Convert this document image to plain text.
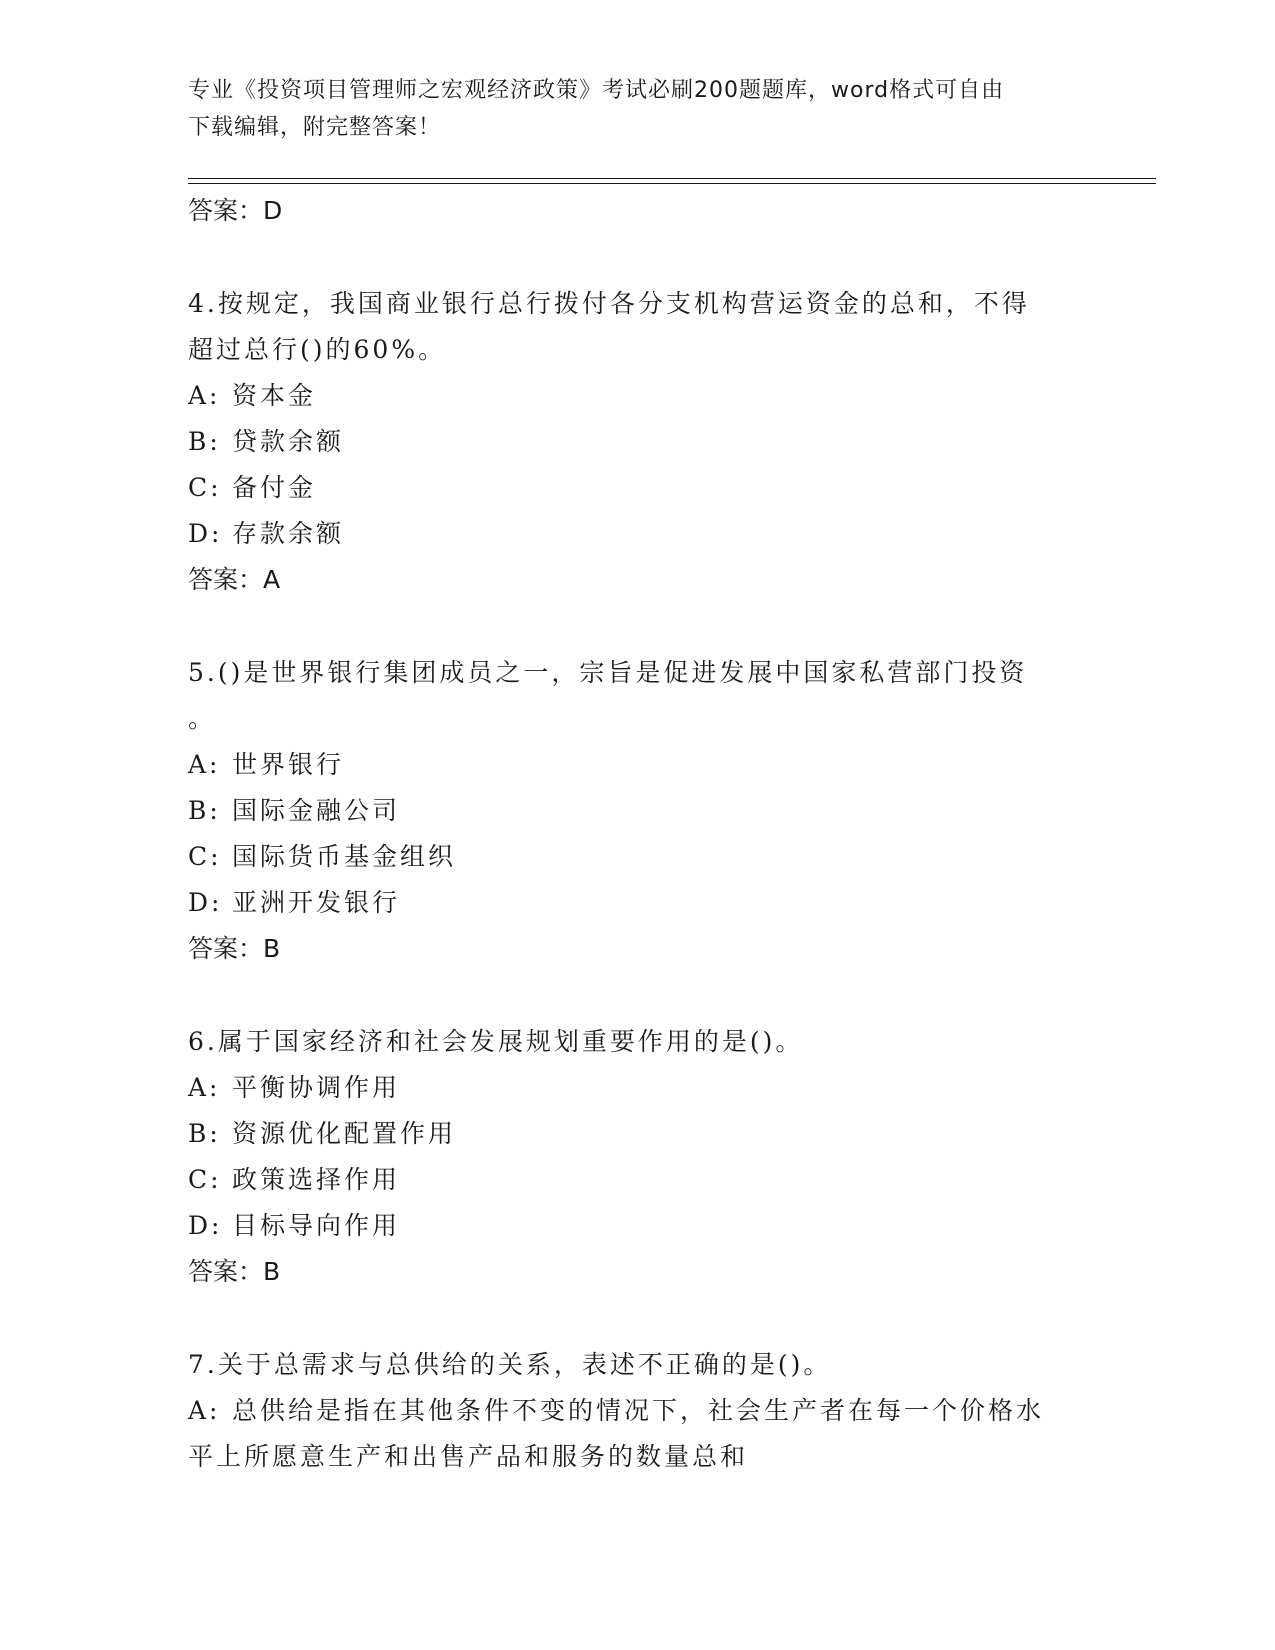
专业《投资项目管理师之宏观经济政策》考试必刷200题题库，word格式可自由
下载编辑，附完整答案！
答案：D
4.按规定，我国商业银行总行拨付各分支机构营运资金的总和，不得
超过总行()的60%。
A: 资本金
B: 贷款余额
C: 备付金
D: 存款余额
答案：A
5.()是世界银行集团成员之一，宗旨是促进发展中国家私营部门投资
。
A: 世界银行
B: 国际金融公司
C: 国际货币基金组织
D: 亚洲开发银行
答案：B
6.属于国家经济和社会发展规划重要作用的是()。
A: 平衡协调作用
B: 资源优化配置作用
C: 政策选择作用
D: 目标导向作用
答案：B
7.关于总需求与总供给的关系，表述不正确的是()。
A: 总供给是指在其他条件不变的情况下，社会生产者在每一个价格水
平上所愿意生产和出售产品和服务的数量总和
